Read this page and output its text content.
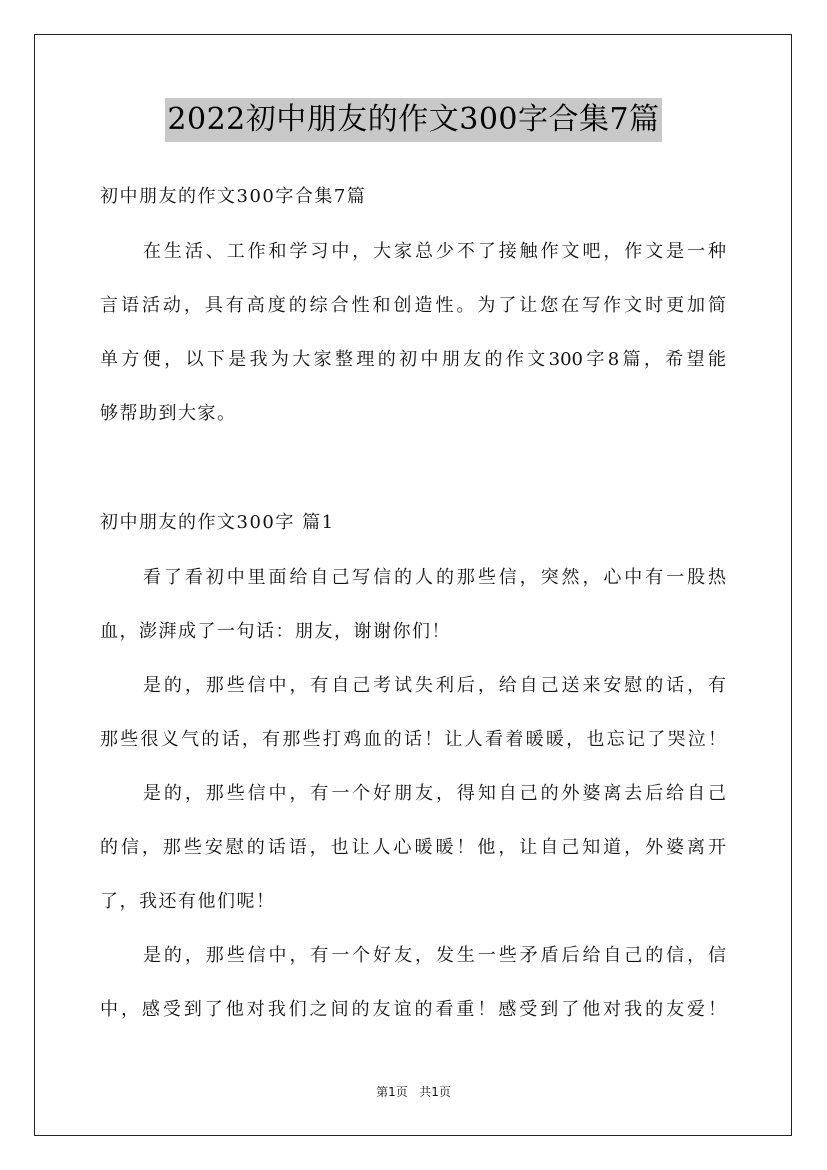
2022初中朋友的作文300字合集7篇
初中朋友的作文300字合集7篇
在生活、工作和学习中，大家总少不了接触作文吧，作文是一种
言语活动，具有高度的综合性和创造性。为了让您在写作文时更加简
单方便，以下是我为大家整理的初中朋友的作文300字8篇，希望能
够帮助到大家。
初中朋友的作文300字 篇1
看了看初中里面给自己写信的人的那些信，突然，心中有一股热
血，澎湃成了一句话：朋友，谢谢你们！
是的，那些信中，有自己考试失利后，给自己送来安慰的话，有
那些很义气的话，有那些打鸡血的话！让人看着暖暖，也忘记了哭泣！
是的，那些信中，有一个好朋友，得知自己的外婆离去后给自己
的信，那些安慰的话语，也让人心暖暖！他，让自己知道，外婆离开
了，我还有他们呢！
是的，那些信中，有一个好友，发生一些矛盾后给自己的信，信
中，感受到了他对我们之间的友谊的看重！感受到了他对我的友爱！
第1页 共1页
